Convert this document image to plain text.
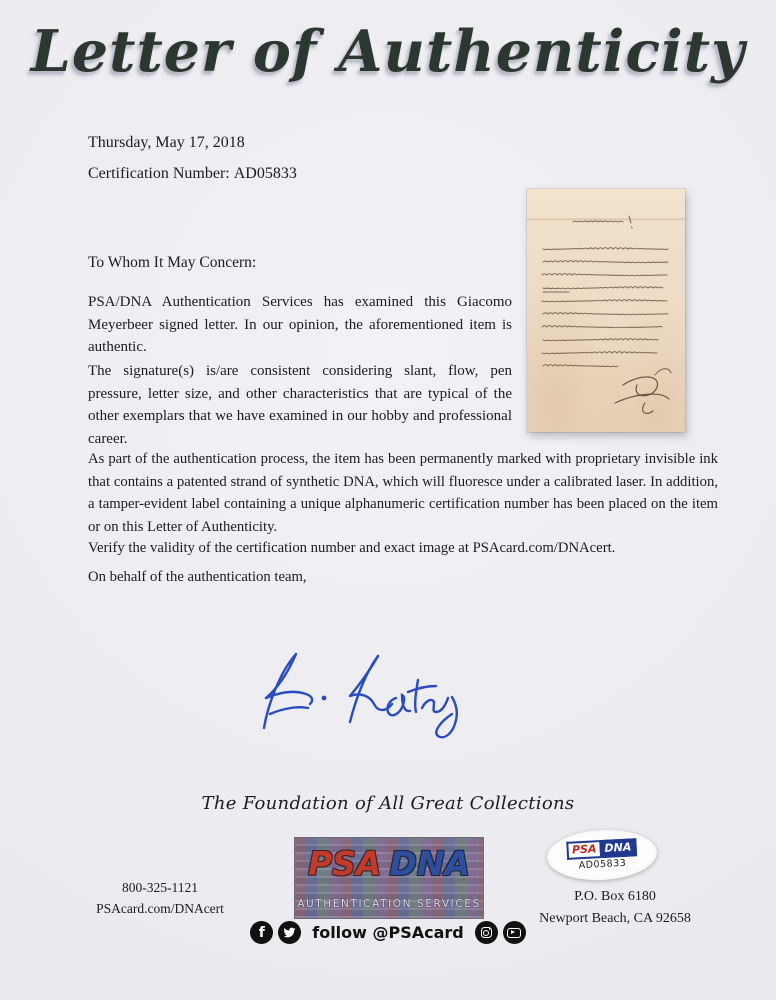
Letter of Authenticity
Thursday, May 17, 2018
Certification Number: AD05833
To Whom It May Concern:

PSA/DNA Authentication Services has examined this Giacomo Meyerbeer signed letter. In our opinion, the aforementioned item is authentic.

The signature(s) is/are consistent considering slant, flow, pen pressure, letter size, and other characteristics that are typical of the other exemplars that we have examined in our hobby and professional career.

As part of the authentication process, the item has been permanently marked with proprietary invisible ink that contains a patented strand of synthetic DNA, which will fluoresce under a calibrated laser. In addition, a tamper-evident label containing a unique alphanumeric certification number has been placed on the item or on this Letter of Authenticity.

Verify the validity of the certification number and exact image at PSAcard.com/DNAcert.

On behalf of the authentication team,

The Foundation of All Great Collections
800-325-1121
PSAcard.com/DNAcert
PSA DNA
AUTHENTICATION SERVICES
f	follow @PSAcard
PSA DNA
AD05833
P.O. Box 6180
Newport Beach, CA 92658
